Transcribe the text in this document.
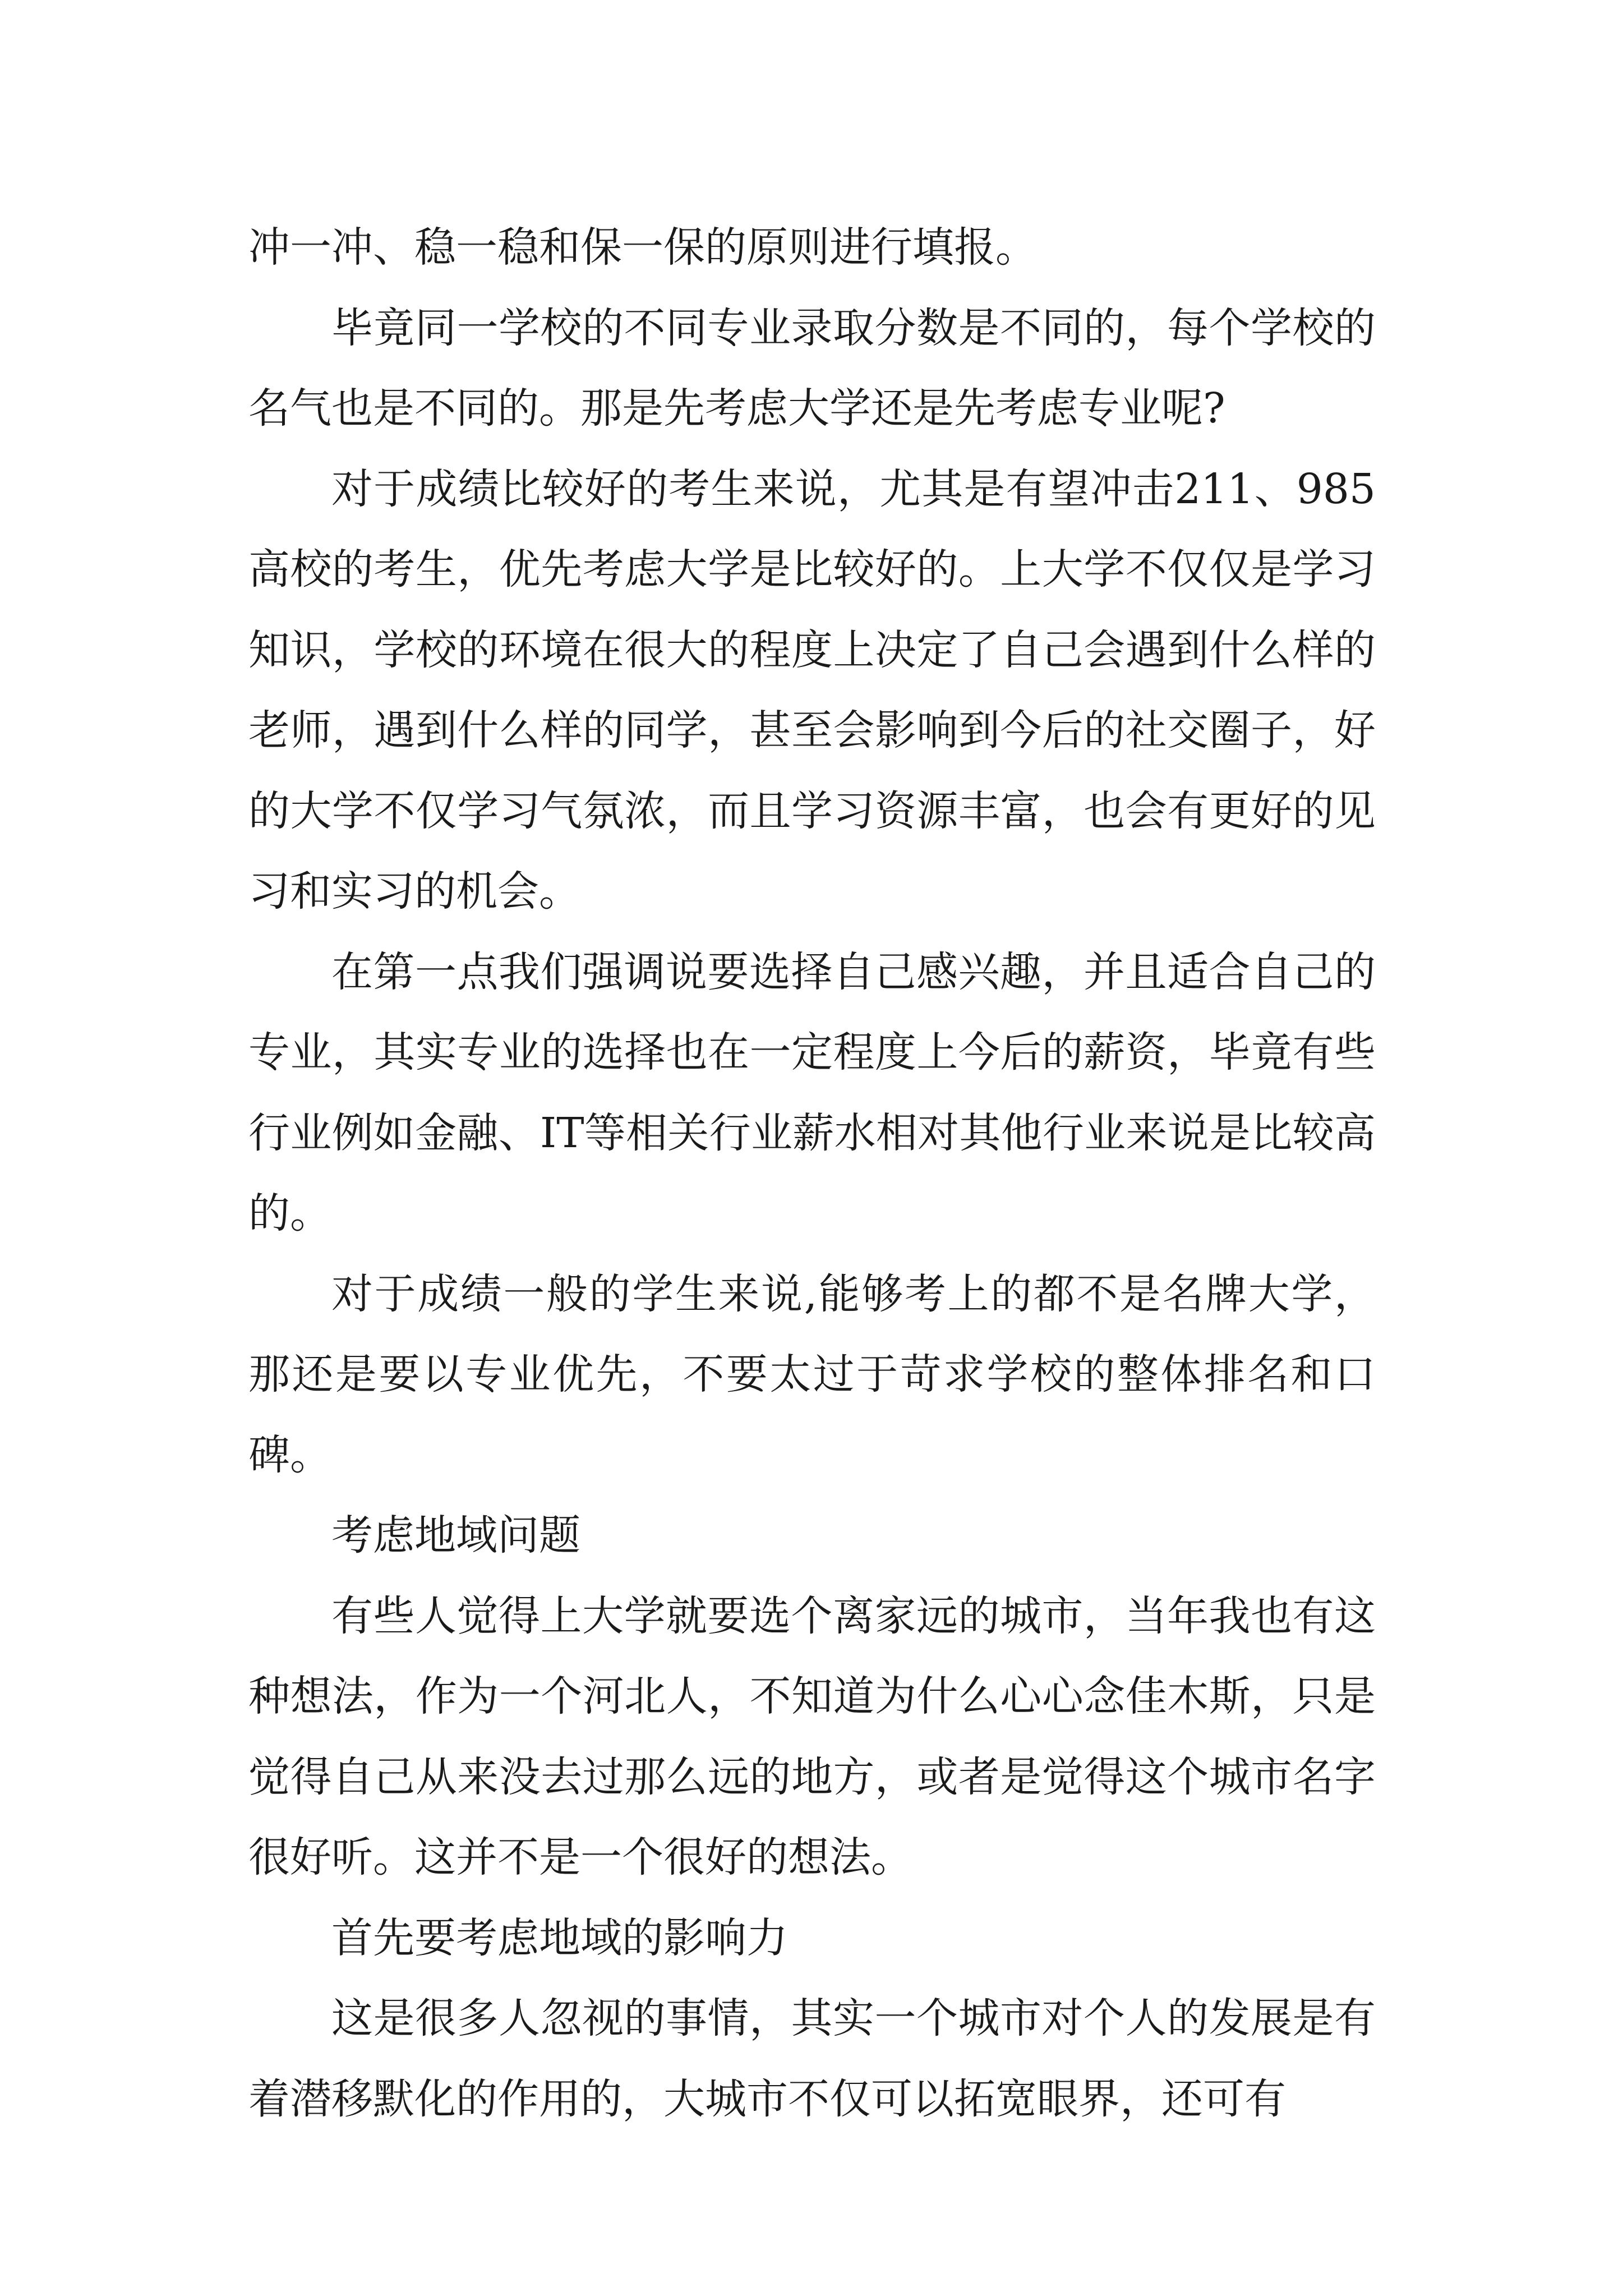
冲一冲、稳一稳和保一保的原则进行填报。

毕竟同一学校的不同专业录取分数是不同的，每个学校的名气也是不同的。那是先考虑大学还是先考虑专业呢?

对于成绩比较好的考生来说，尤其是有望冲击211、985高校的考生，优先考虑大学是比较好的。上大学不仅仅是学习知识，学校的环境在很大的程度上决定了自己会遇到什么样的老师，遇到什么样的同学，甚至会影响到今后的社交圈子，好的大学不仅学习气氛浓，而且学习资源丰富，也会有更好的见习和实习的机会。

在第一点我们强调说要选择自己感兴趣，并且适合自己的专业，其实专业的选择也在一定程度上今后的薪资，毕竟有些行业例如金融、IT等相关行业薪水相对其他行业来说是比较高的。

对于成绩一般的学生来说,能够考上的都不是名牌大学，那还是要以专业优先，不要太过于苛求学校的整体排名和口碑。

考虑地域问题

有些人觉得上大学就要选个离家远的城市，当年我也有这种想法，作为一个河北人，不知道为什么心心念佳木斯，只是觉得自己从来没去过那么远的地方，或者是觉得这个城市名字很好听。这并不是一个很好的想法。

首先要考虑地域的影响力

这是很多人忽视的事情，其实一个城市对个人的发展是有着潜移默化的作用的，大城市不仅可以拓宽眼界，还可有
